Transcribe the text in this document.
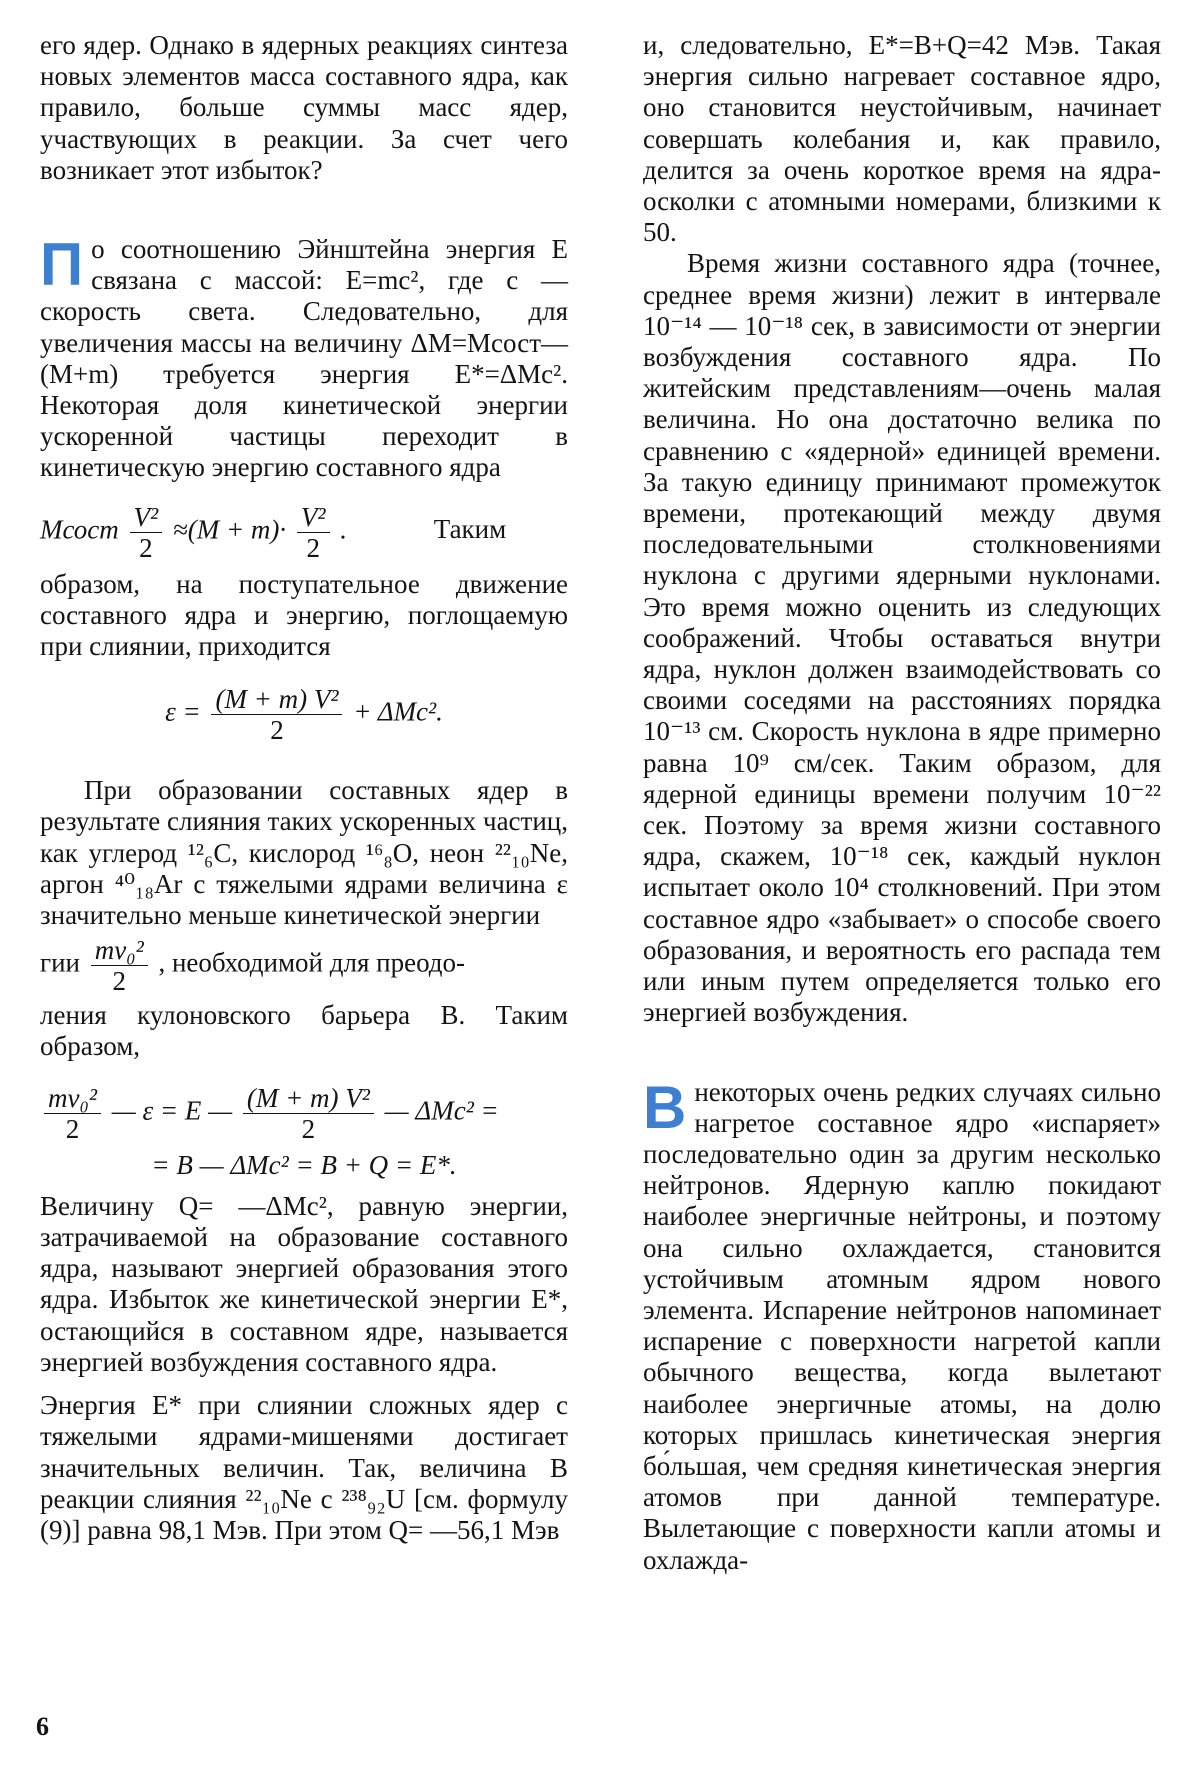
его ядер. Однако в ядерных реакциях синтеза новых элементов масса составного ядра, как правило, больше суммы масс ядер, участвующих в реакции. За счет чего возникает этот избыток?

По соотношению Эйнштейна энергия E связана с массой: E=mc², где c — скорость света. Следовательно, для увеличения массы на величину ΔM=Mсост—(M+m) требуется энергия E*=ΔMc². Некоторая доля кинетической энергии ускоренной частицы переходит в кинетическую энергию составного ядра

Mсост $\frac{\text{V²}}{2} \approx(M + m)\cdot \frac{\text{V²}}{2}$ .	Таким

образом, на поступательное движение составного ядра и энергию, поглощаемую при слиянии, приходится

$\varepsilon = \frac{\text{(M + m) V²}}{2} + \Delta Mc^2$.

При образовании составных ядер в результате слияния таких ускоренных частиц, как углерод ¹²₆C, кислород ¹⁶₈O, неон ²²₁₀Ne, аргон ⁴⁰₁₈Ar с тяжелыми ядрами величина ε значительно меньше кинетической энергии

гии $\frac{\text{mv₀²}}{2}$ , необходимой для преодо-

ления кулоновского барьера B. Таким образом,

$\frac{\text{mv₀²}}{2}$ — ε = E — $\frac{\text{(M + m) V²}}{2}$ — ΔMc² =
= B — ΔMc² = B + Q = E*.

Величину Q= —ΔMc², равную энергии, затрачиваемой на образование составного ядра, называют энергией образования этого ядра. Избыток же кинетической энергии E*, остающийся в составном ядре, называется энергией возбуждения составного ядра.

Энергия E* при слиянии сложных ядер с тяжелыми ядрами-мишенями достигает значительных величин. Так, величина B реакции слияния ²²₁₀Ne с ²³⁸₉₂U [см. формулу (9)] равна 98,1 Мэв. При этом Q= —56,1 Мэв

и, следовательно, E*=B+Q=42 Мэв. Такая энергия сильно нагревает составное ядро, оно становится неустойчивым, начинает совершать колебания и, как правило, делится за очень короткое время на ядра-осколки с атомными номерами, близкими к 50.

Время жизни составного ядра (точнее, среднее время жизни) лежит в интервале 10⁻¹⁴ — 10⁻¹⁸ сек, в зависимости от энергии возбуждения составного ядра. По житейским представлениям—очень малая величина. Но она достаточно велика по сравнению с «ядерной» единицей времени. За такую единицу принимают промежуток времени, протекающий между двумя последовательными столкновениями нуклона с другими ядерными нуклонами. Это время можно оценить из следующих соображений. Чтобы оставаться внутри ядра, нуклон должен взаимодействовать со своими соседями на расстояниях порядка 10⁻¹³ см. Скорость нуклона в ядре примерно равна 10⁹ см/сек. Таким образом, для ядерной единицы времени получим 10⁻²² сек. Поэтому за время жизни составного ядра, скажем, 10⁻¹⁸ сек, каждый нуклон испытает около 10⁴ столкновений. При этом составное ядро «забывает» о способе своего образования, и вероятность его распада тем или иным путем определяется только его энергией возбуждения.

Внекоторых очень редких случаях сильно нагретое составное ядро «испаряет» последовательно один за другим несколько нейтронов. Ядерную каплю покидают наиболее энергичные нейтроны, и поэтому она сильно охлаждается, становится устойчивым атомным ядром нового элемента. Испарение нейтронов напоминает испарение с поверхности нагретой капли обычного вещества, когда вылетают наиболее энергичные атомы, на долю которых пришлась кинетическая энергия бо́льшая, чем средняя кинетическая энергия атомов при данной температуре. Вылетающие с поверхности капли атомы и охлажда-

6
